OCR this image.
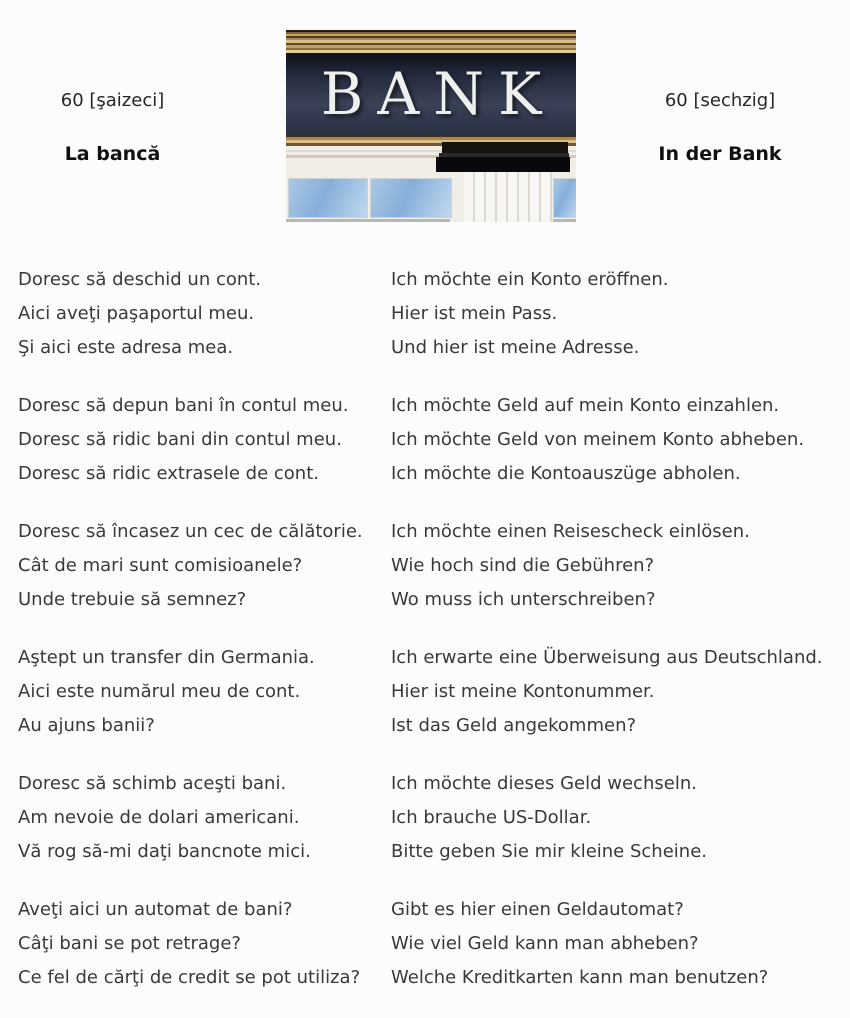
60 [şaizeci]
La bancă
BANK	60 [sechzig]
In der Bank
Doresc să deschid un cont.	Ich möchte ein Konto eröffnen.
Aici aveţi paşaportul meu.	Hier ist mein Pass.
Şi aici este adresa mea.	Und hier ist meine Adresse.
Doresc să depun bani în contul meu.	Ich möchte Geld auf mein Konto einzahlen.
Doresc să ridic bani din contul meu.	Ich möchte Geld von meinem Konto abheben.
Doresc să ridic extrasele de cont.	Ich möchte die Kontoauszüge abholen.
Doresc să încasez un cec de călătorie.	Ich möchte einen Reisescheck einlösen.
Cât de mari sunt comisioanele?	Wie hoch sind die Gebühren?
Unde trebuie să semnez?	Wo muss ich unterschreiben?
Aştept un transfer din Germania.	Ich erwarte eine Überweisung aus Deutschland.
Aici este numărul meu de cont.	Hier ist meine Kontonummer.
Au ajuns banii?	Ist das Geld angekommen?
Doresc să schimb aceşti bani.	Ich möchte dieses Geld wechseln.
Am nevoie de dolari americani.	Ich brauche US-Dollar.
Vă rog să-mi daţi bancnote mici.	Bitte geben Sie mir kleine Scheine.
Aveţi aici un automat de bani?	Gibt es hier einen Geldautomat?
Câţi bani se pot retrage?	Wie viel Geld kann man abheben?
Ce fel de cărţi de credit se pot utiliza?	Welche Kreditkarten kann man benutzen?
